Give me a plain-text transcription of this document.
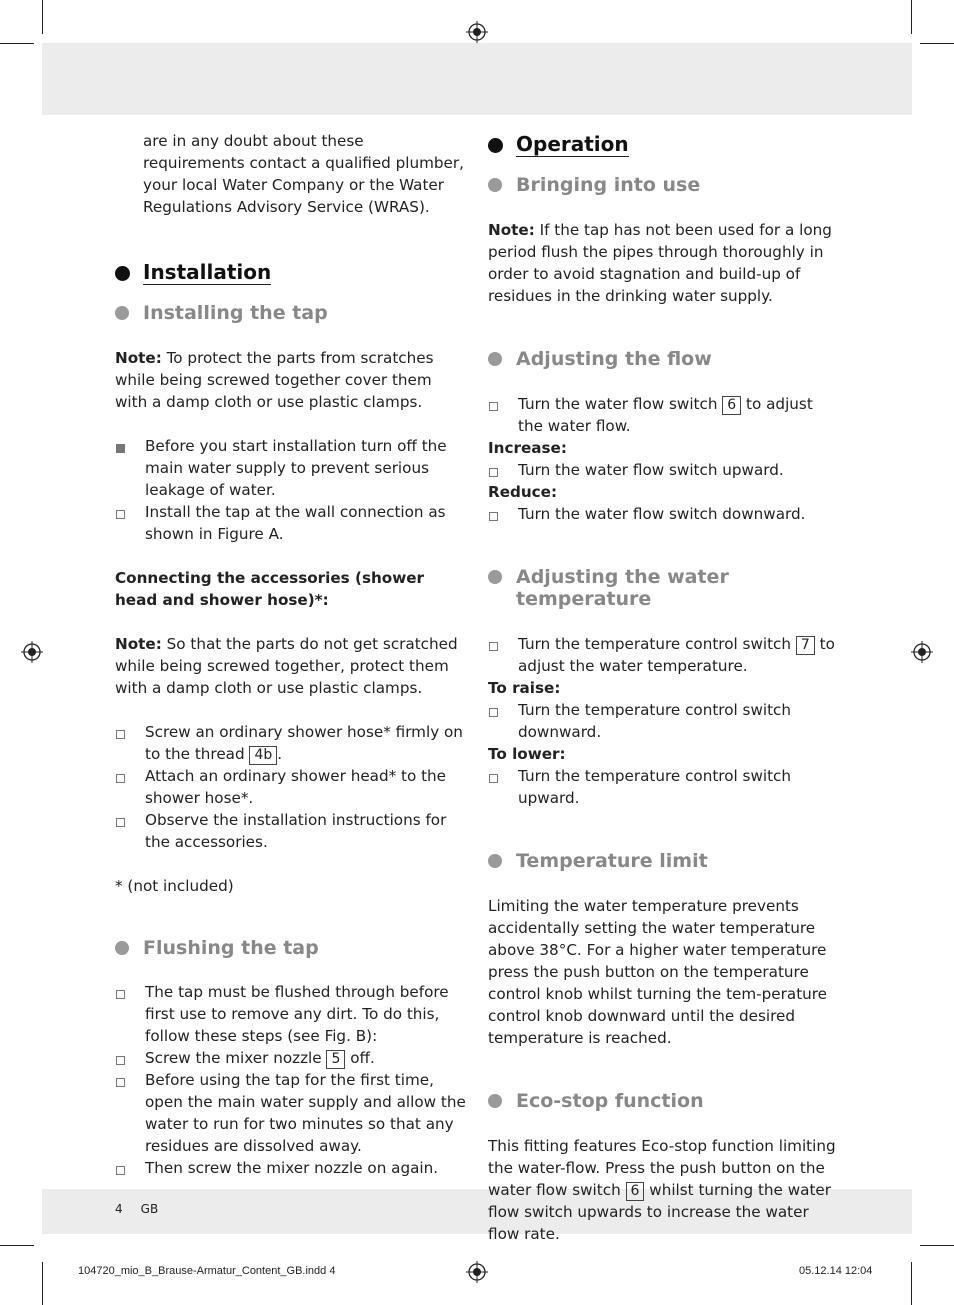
are in any doubt about these requirements contact a qualified plumber, your local Water Company or the Water Regulations Advisory Service (WRAS).

Installation
Installing the tap

Note: To protect the parts from scratches while being screwed together cover them with a damp cloth or use plastic clamps.

Before you start installation turn off the main water supply to prevent serious leakage of water.
Install the tap at the wall connection as shown in Figure A.

Connecting the accessories (shower head and shower hose)*:

Note: So that the parts do not get scratched while being screwed together, protect them with a damp cloth or use plastic clamps.

Screw an ordinary shower hose* firmly on to the thread 4b .
Attach an ordinary shower head* to the shower hose*.
Observe the installation instructions for the accessories.

* (not included)

Flushing the tap
The tap must be flushed through before first use to remove any dirt. To do this, follow these steps (see Fig. B):
Screw the mixer nozzle 5 off.
Before using the tap for the first time, open the main water supply and allow the water to run for two minutes so that any residues are dissolved away.
Then screw the mixer nozzle on again.
Operation
Bringing into use

Note: If the tap has not been used for a long period flush the pipes through thoroughly in order to avoid stagnation and build-up of residues in the drinking water supply.

Adjusting the flow
Turn the water flow switch 6 to adjust the water flow.

Increase:

Turn the water flow switch upward.

Reduce:

Turn the water flow switch downward.
Adjusting the water temperature
Turn the temperature control switch 7 to adjust the water temperature.

To raise:

Turn the temperature control switch downward.

To lower:

Turn the temperature control switch upward.
Temperature limit

Limiting the water temperature prevents accidentally setting the water temperature above 38°C. For a higher water temperature press the push button on the temperature control knob whilst turning the tem-perature control knob downward until the desired temperature is reached.

Eco-stop function

This fitting features Eco-stop function limiting the water-flow. Press the push button on the water flow switch 6 whilst turning the water flow switch upwards to increase the water flow rate.

4 GB
104720_mio_B_Brause-Armatur_Content_GB.indd 4	05.12.14 12:04
